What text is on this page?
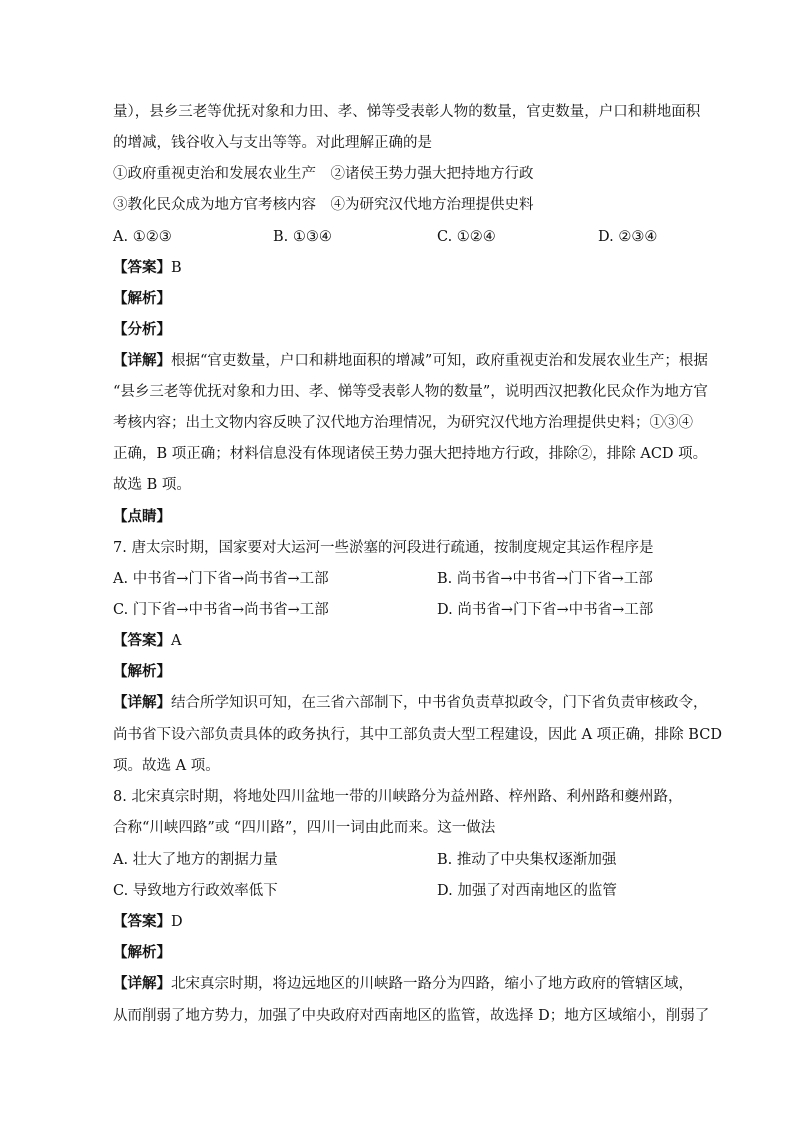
量），县乡三老等优抚对象和力田、孝、悌等受表彰人物的数量，官吏数量，户口和耕地面积
的增减，钱谷收入与支出等等。对此理解正确的是
①政府重视吏治和发展农业生产　②诸侯王势力强大把持地方行政
③教化民众成为地方官考核内容　④为研究汉代地方治理提供史料
A. ①②③	B. ①③④	C. ①②④	D. ②③④
【答案】B
【解析】
【分析】
【详解】根据“官吏数量，户口和耕地面积的增减”可知，政府重视吏治和发展农业生产；根据
“县乡三老等优抚对象和力田、孝、悌等受表彰人物的数量”，说明西汉把教化民众作为地方官
考核内容；出土文物内容反映了汉代地方治理情况，为研究汉代地方治理提供史料；①③④
正确，B 项正确；材料信息没有体现诸侯王势力强大把持地方行政，排除②，排除 ACD 项。
故选 B 项。
【点睛】
7. 唐太宗时期，国家要对大运河一些淤塞的河段进行疏通，按制度规定其运作程序是
A. 中书省→门下省→尚书省→工部	B. 尚书省→中书省→门下省→工部
C. 门下省→中书省→尚书省→工部	D. 尚书省→门下省→中书省→工部
【答案】A
【解析】
【详解】结合所学知识可知，在三省六部制下，中书省负责草拟政令，门下省负责审核政令，
尚书省下设六部负责具体的政务执行，其中工部负责大型工程建设，因此 A 项正确，排除 BCD
项。故选 A 项。
8. 北宋真宗时期，将地处四川盆地一带的川峡路分为益州路、梓州路、利州路和夔州路，
合称“川峡四路”或 “四川路”，四川一词由此而来。这一做法
A. 壮大了地方的割据力量	B. 推动了中央集权逐渐加强
C. 导致地方行政效率低下	D. 加强了对西南地区的监管
【答案】D
【解析】
【详解】北宋真宗时期，将边远地区的川峡路一路分为四路，缩小了地方政府的管辖区域，
从而削弱了地方势力，加强了中央政府对西南地区的监管，故选择 D；地方区域缩小，削弱了
